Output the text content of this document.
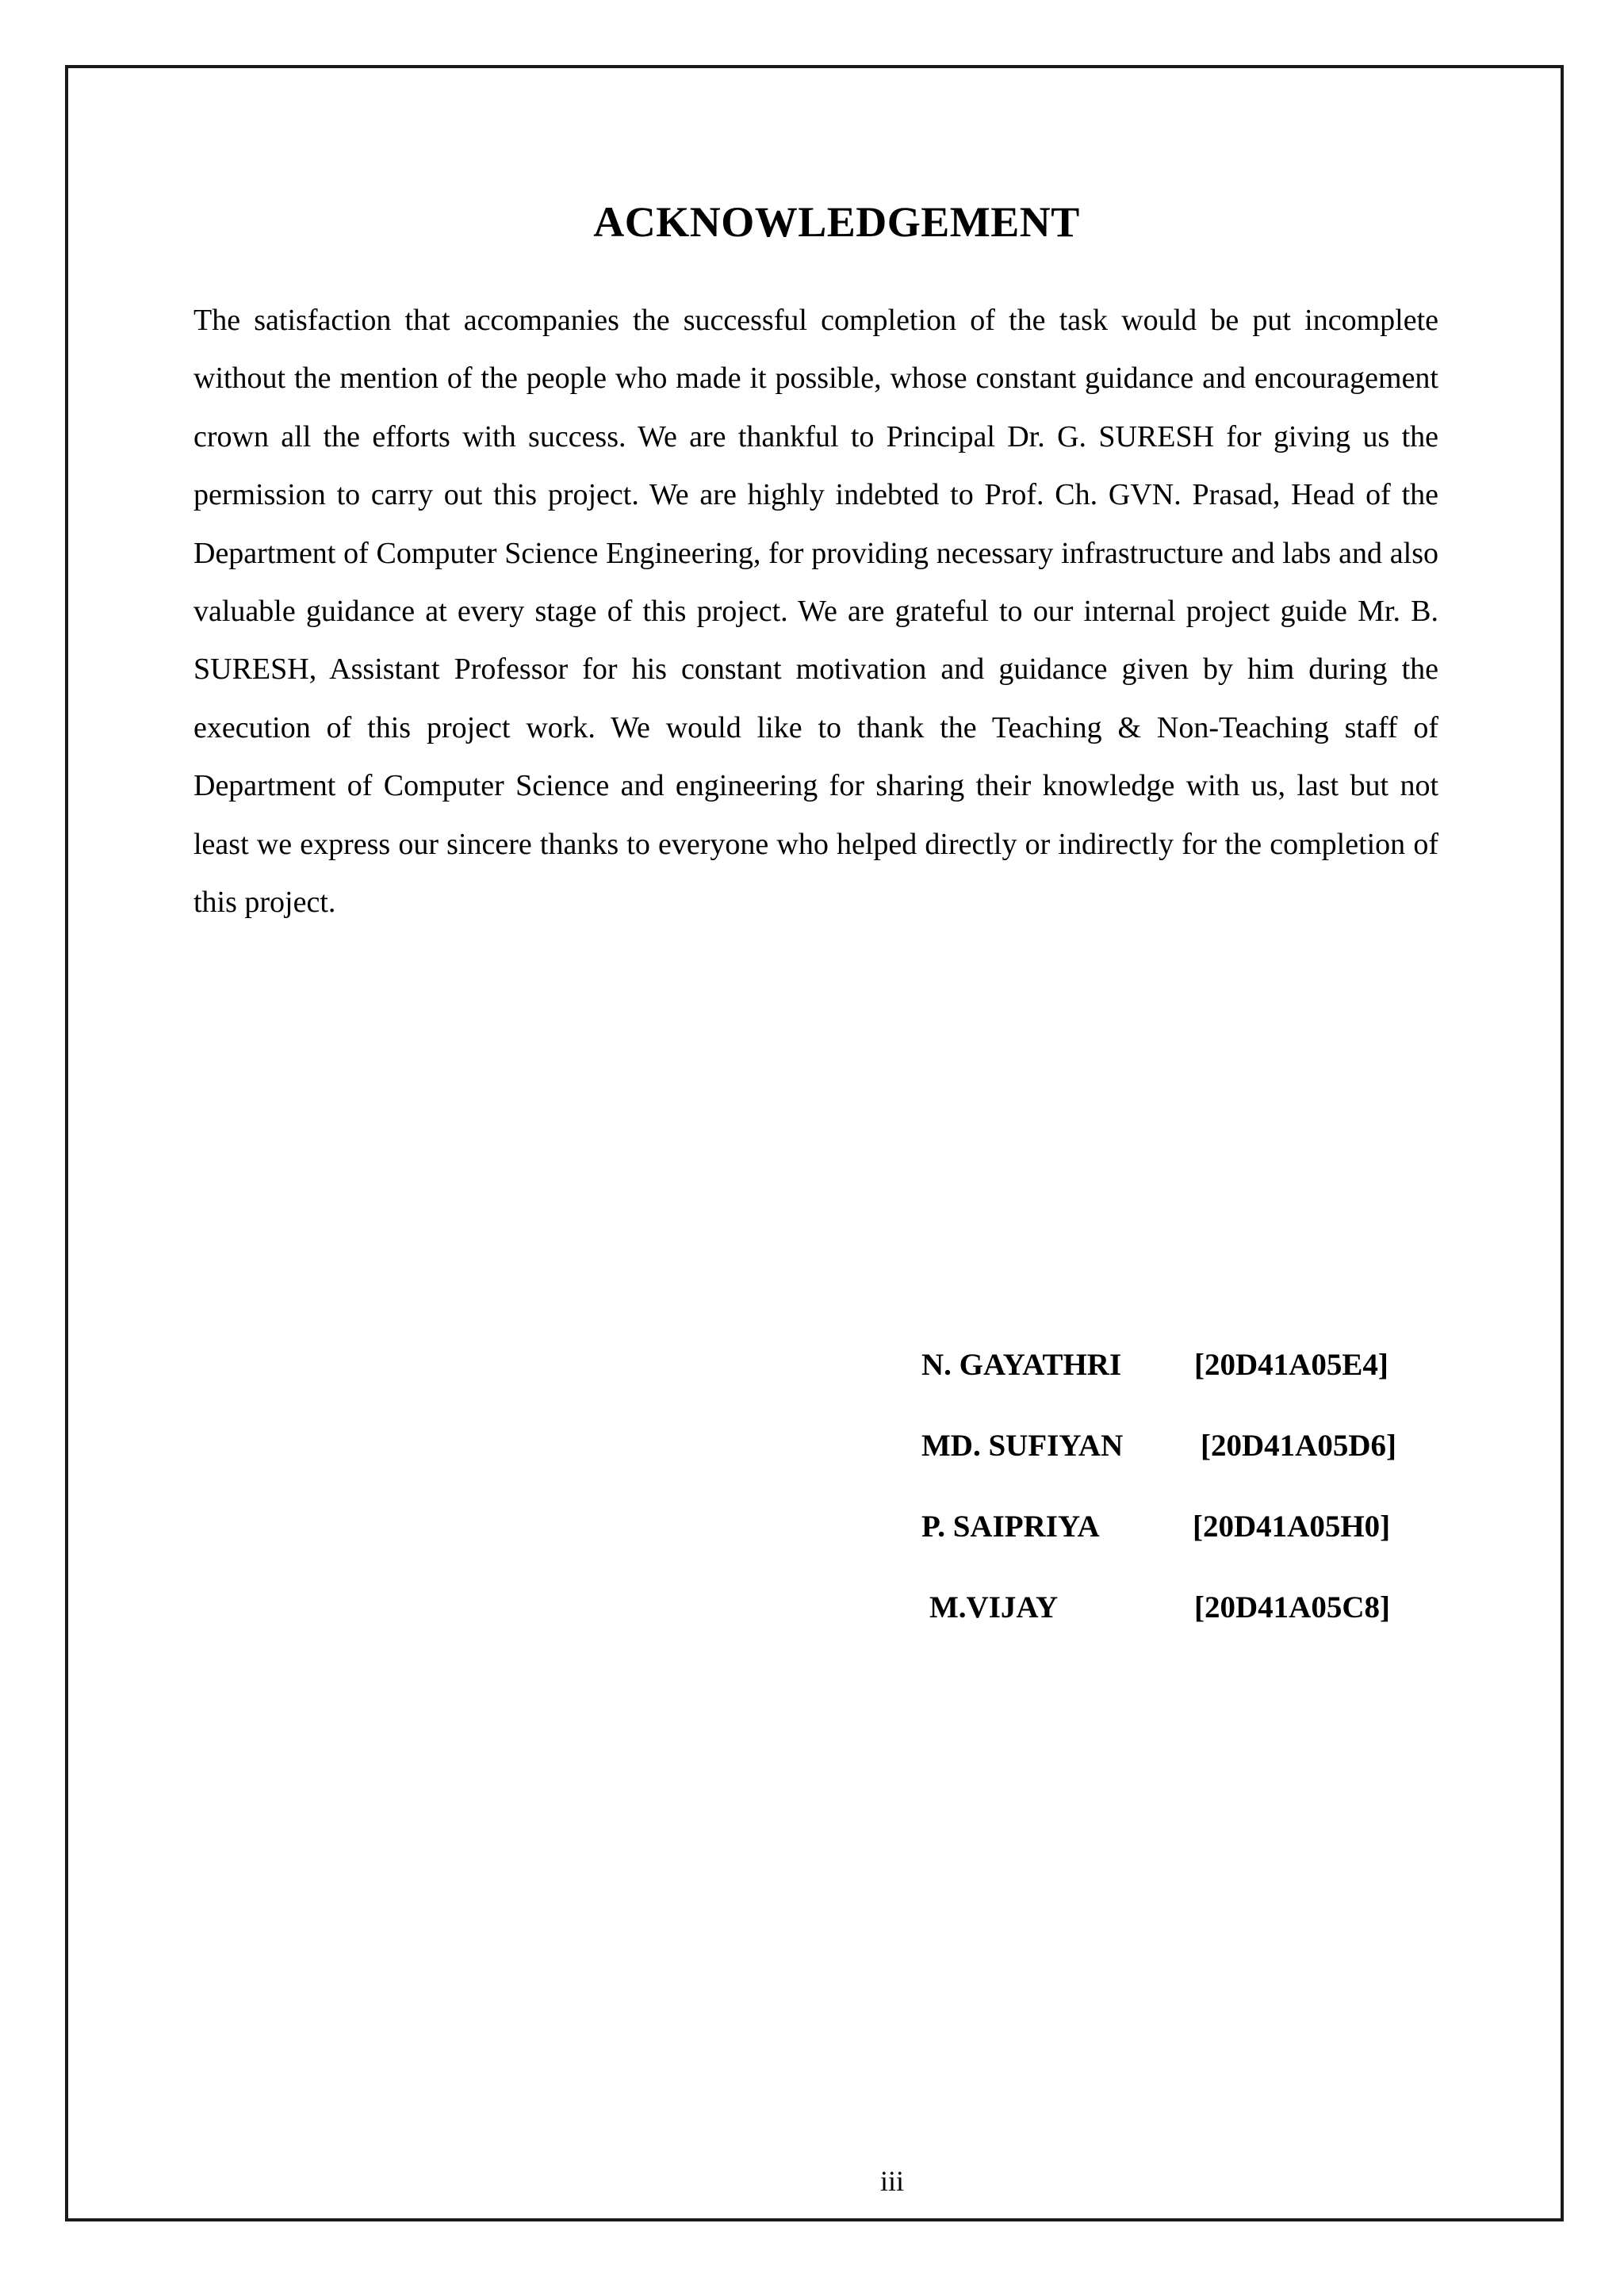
ACKNOWLEDGEMENT

The satisfaction that accompanies the successful completion of the task would be put incomplete without the mention of the people who made it possible, whose constant guidance and encouragement crown all the efforts with success. We are thankful to Principal Dr. G. SURESH for giving us the permission to carry out this project. We are highly indebted to Prof. Ch. GVN. Prasad, Head of the Department of Computer Science Engineering, for providing necessary infrastructure and labs and also valuable guidance at every stage of this project. We are grateful to our internal project guide Mr. B. SURESH, Assistant Professor for his constant motivation and guidance given by him during the execution of this project work. We would like to thank the Teaching & Non-Teaching staff of Department of Computer Science and engineering for sharing their knowledge with us, last but not least we express our sincere thanks to everyone who helped directly or indirectly for the completion of this project.

N. GAYATHRI [20D41A05E4]
MD. SUFIYAN	[20D41A05D6]
P. SAIPRIYA	[20D41A05H0]
M.VIJAY	[20D41A05C8]
iii
